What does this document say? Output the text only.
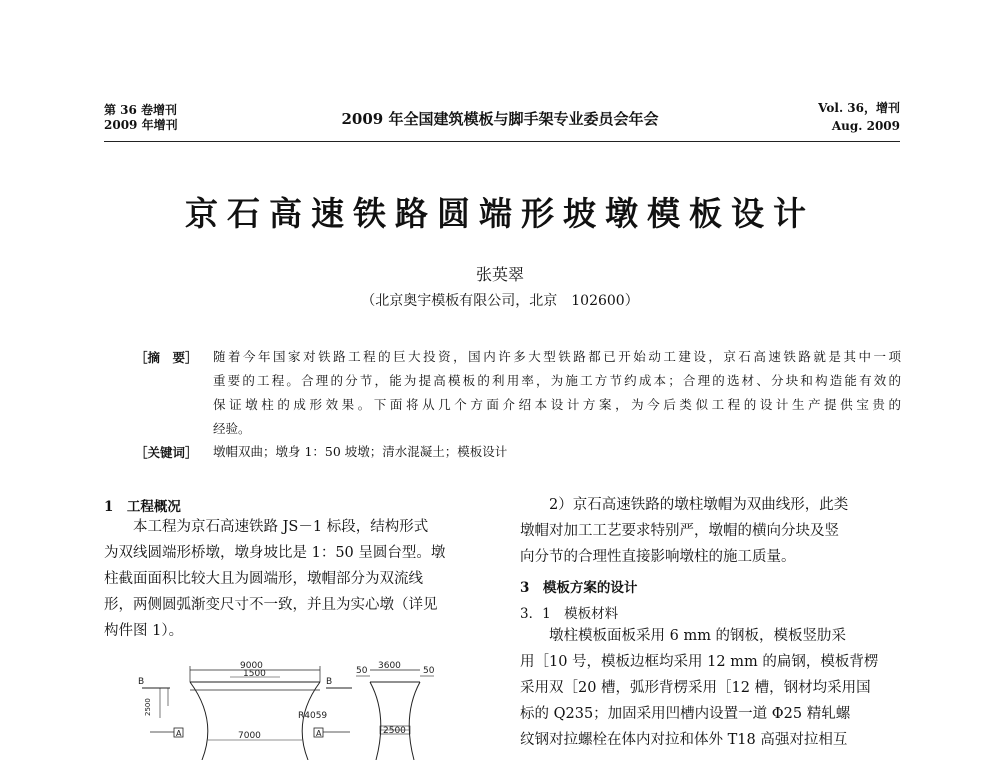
第 36 卷增刊
2009 年增刊	2009 年全国建筑模板与脚手架专业委员会年会
Vol. 36，增刊
Aug. 2009
京石高速铁路圆端形坡墩模板设计
张英翠
（北京奥宇模板有限公司，北京　102600）
［摘　要］ 随着今年国家对铁路工程的巨大投资，国内许多大型铁路都已开始动工建设，京石高速铁路就是其中一项
重要的工程。合理的分节，能为提高模板的利用率，为施工方节约成本；合理的选材、分块和构造能有效的
保证墩柱的成形效果。下面将从几个方面介绍本设计方案，为今后类似工程的设计生产提供宝贵的
经验。
［关键词］ 墩帽双曲；墩身 1：50 坡墩；清水混凝土；模板设计
1　工程概况
　　本工程为京石高速铁路 JS－1 标段，结构形式
为双线圆端形桥墩，墩身坡比是 1：50 呈圆台型。墩
柱截面面积比较大且为圆端形，墩帽部分为双流线
形，两侧圆弧渐变尺寸不一致，并且为实心墩（详见
构件图 1）。
9000
1500
7000
R4059
3600
50	50
2500
2500
B	B
A	A
　　2）京石高速铁路的墩柱墩帽为双曲线形，此类
墩帽对加工工艺要求特别严，墩帽的横向分块及竖
向分节的合理性直接影响墩柱的施工质量。
3　模板方案的设计
3．1　模板材料
　　墩柱模板面板采用 6 mm 的钢板，模板竖肋采
用［10 号，模板边框均采用 12 mm 的扁钢，模板背楞
采用双［20 槽，弧形背楞采用［12 槽，钢材均采用国
标的 Q235；加固采用凹槽内设置一道 Φ25 精轧螺
纹钢对拉螺栓在体内对拉和体外 T18 高强对拉相互
